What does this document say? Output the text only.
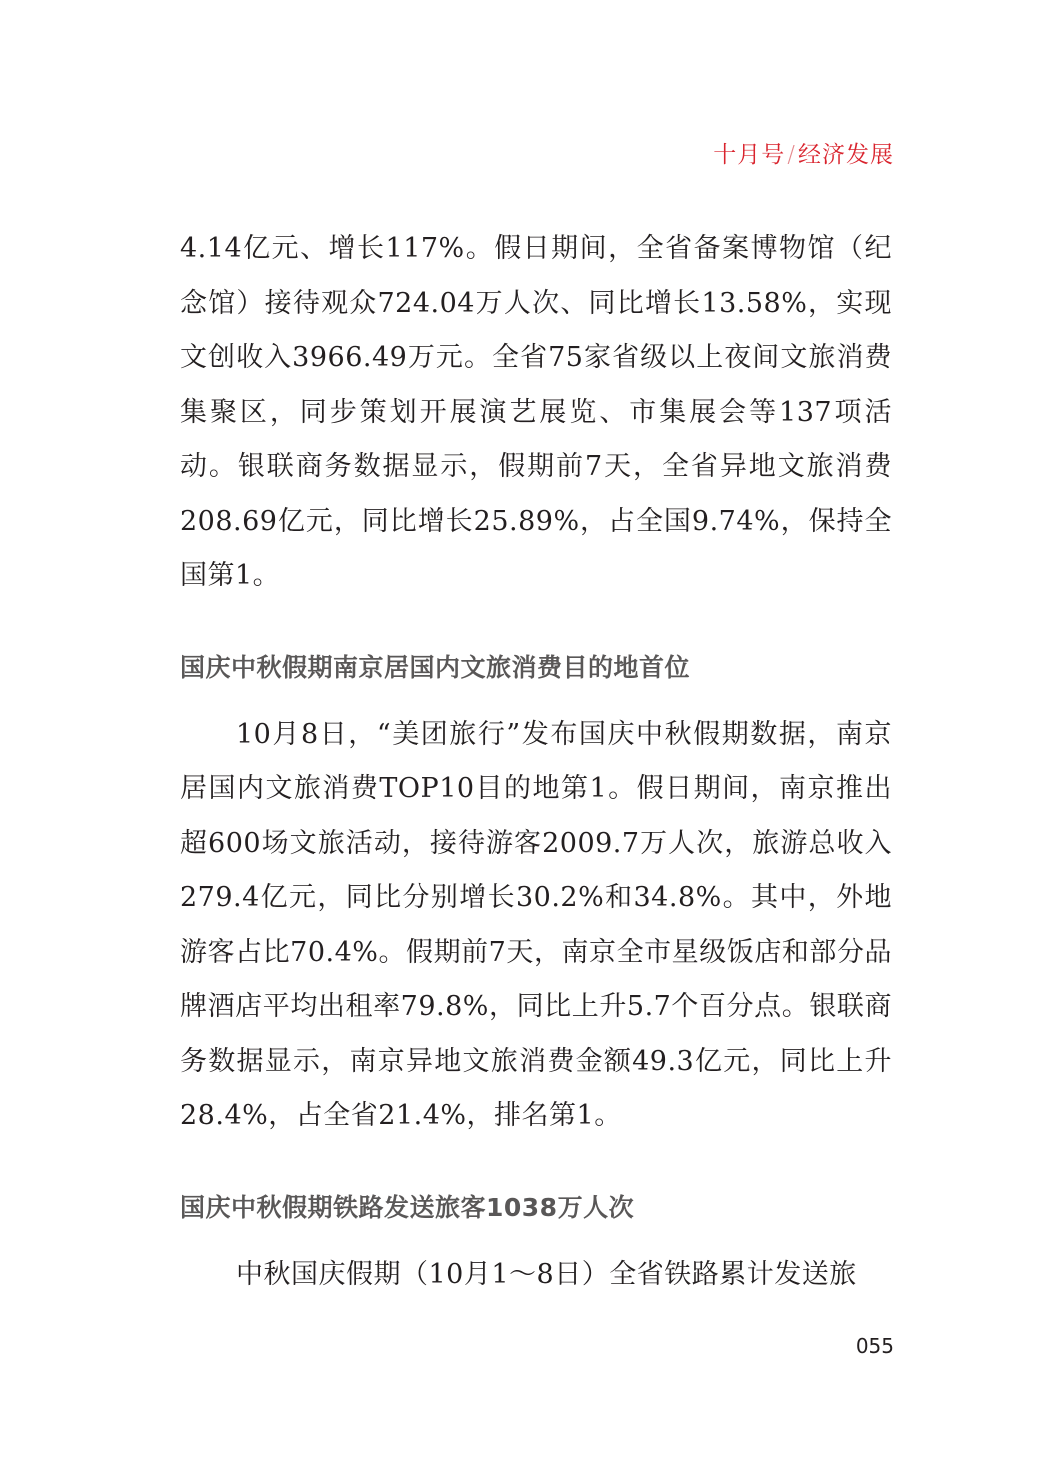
十月号/经济发展

4.14亿元、增长117%。假日期间，全省备案博物馆（纪念馆）接待观众724.04万人次、同比增长13.58%，实现文创收入3966.49万元。全省75家省级以上夜间文旅消费集聚区，同步策划开展演艺展览、市集展会等137项活动。银联商务数据显示，假期前7天，全省异地文旅消费208.69亿元，同比增长25.89%，占全国9.74%，保持全国第1。

国庆中秋假期南京居国内文旅消费目的地首位

10月8日，“美团旅行”发布国庆中秋假期数据，南京居国内文旅消费TOP10目的地第1。假日期间，南京推出超600场文旅活动，接待游客2009.7万人次，旅游总收入279.4亿元，同比分别增长30.2%和34.8%。其中，外地游客占比70.4%。假期前7天，南京全市星级饭店和部分品牌酒店平均出租率79.8%，同比上升5.7个百分点。银联商务数据显示，南京异地文旅消费金额49.3亿元，同比上升28.4%，占全省21.4%，排名第1。

国庆中秋假期铁路发送旅客1038万人次

中秋国庆假期（10月1～8日）全省铁路累计发送旅

055
